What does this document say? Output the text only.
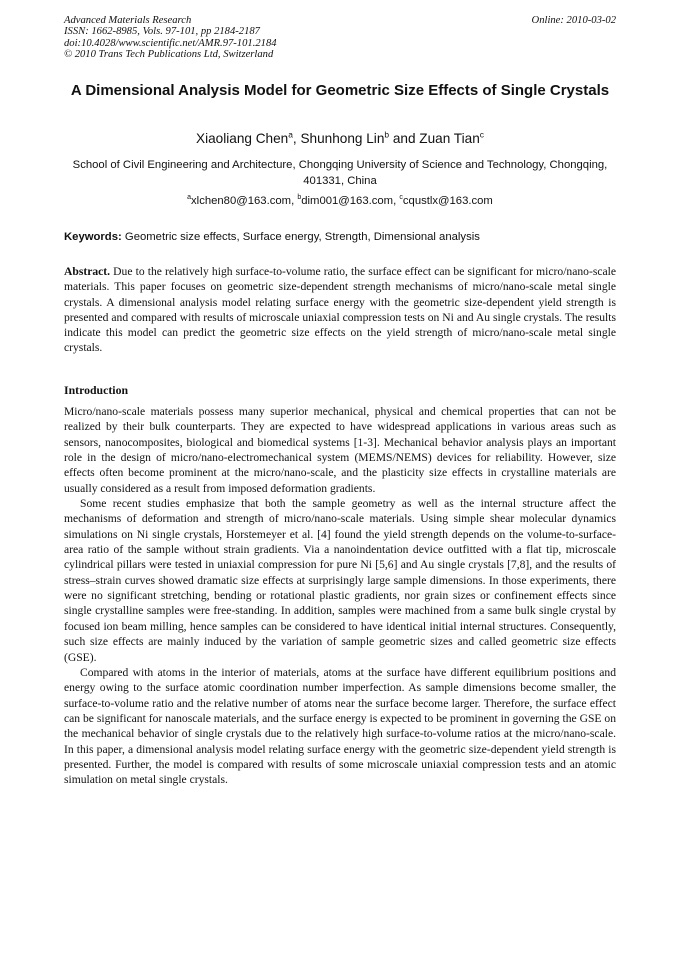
Advanced Materials Research
ISSN: 1662-8985, Vols. 97-101, pp 2184-2187
doi:10.4028/www.scientific.net/AMR.97-101.2184
© 2010 Trans Tech Publications Ltd, Switzerland
Online: 2010-03-02
A Dimensional Analysis Model for Geometric Size Effects of Single Crystals
Xiaoliang Chen$^a$, Shunhong Lin$^b$ and Zuan Tian$^c$
School of Civil Engineering and Architecture, Chongqing University of Science and Technology, Chongqing, 401331, China
$^a$xlchen80@163.com, $^b$dim001@163.com, $^c$cqustlx@163.com
Keywords: Geometric size effects, Surface energy, Strength, Dimensional analysis
Abstract. Due to the relatively high surface-to-volume ratio, the surface effect can be significant for micro/nano-scale materials. This paper focuses on geometric size-dependent strength mechanisms of micro/nano-scale metal single crystals. A dimensional analysis model relating surface energy with the geometric size-dependent yield strength is presented and compared with results of microscale uniaxial compression tests on Ni and Au single crystals. The results indicate this model can predict the geometric size effects on the yield strength of micro/nano-scale metal single crystals.
Introduction

Micro/nano-scale materials possess many superior mechanical, physical and chemical properties that can not be realized by their bulk counterparts. They are expected to have widespread applications in various areas such as sensors, nanocomposites, biological and biomedical systems [1-3]. Mechanical behavior analysis plays an important role in the design of micro/nano-electromechanical system (MEMS/NEMS) devices for reliability. However, size effects often become prominent at the micro/nano-scale, and the plasticity size effects in crystalline materials are usually considered as a result from imposed deformation gradients.

Some recent studies emphasize that both the sample geometry as well as the internal structure affect the mechanisms of deformation and strength of micro/nano-scale materials. Using simple shear molecular dynamics simulations on Ni single crystals, Horstemeyer et al. [4] found the yield strength depends on the volume-to-surface-area ratio of the sample without strain gradients. Via a nanoindentation device outfitted with a flat tip, microscale cylindrical pillars were tested in uniaxial compression for pure Ni [5,6] and Au single crystals [7,8], and the results of stress–strain curves showed dramatic size effects at surprisingly large sample dimensions. In those experiments, there were no significant stretching, bending or rotational plastic gradients, nor grain sizes or confinement effects since single crystalline samples were free-standing. In addition, samples were machined from a same bulk single crystal by focused ion beam milling, hence samples can be considered to have identical initial internal structures. Consequently, such size effects are mainly induced by the variation of sample geometric sizes and called geometric size effects (GSE).

Compared with atoms in the interior of materials, atoms at the surface have different equilibrium positions and energy owing to the surface atomic coordination number imperfection. As sample dimensions become smaller, the surface-to-volume ratio and the relative number of atoms near the surface become larger. Therefore, the surface effect can be significant for nanoscale materials, and the surface energy is expected to be prominent in governing the GSE on the mechanical behavior of single crystals due to the relatively high surface-to-volume ratios at the micro/nano-scale. In this paper, a dimensional analysis model relating surface energy with the geometric size-dependent yield strength is presented. Further, the model is compared with results of some microscale uniaxial compression tests and an atomic simulation on metal single crystals.
